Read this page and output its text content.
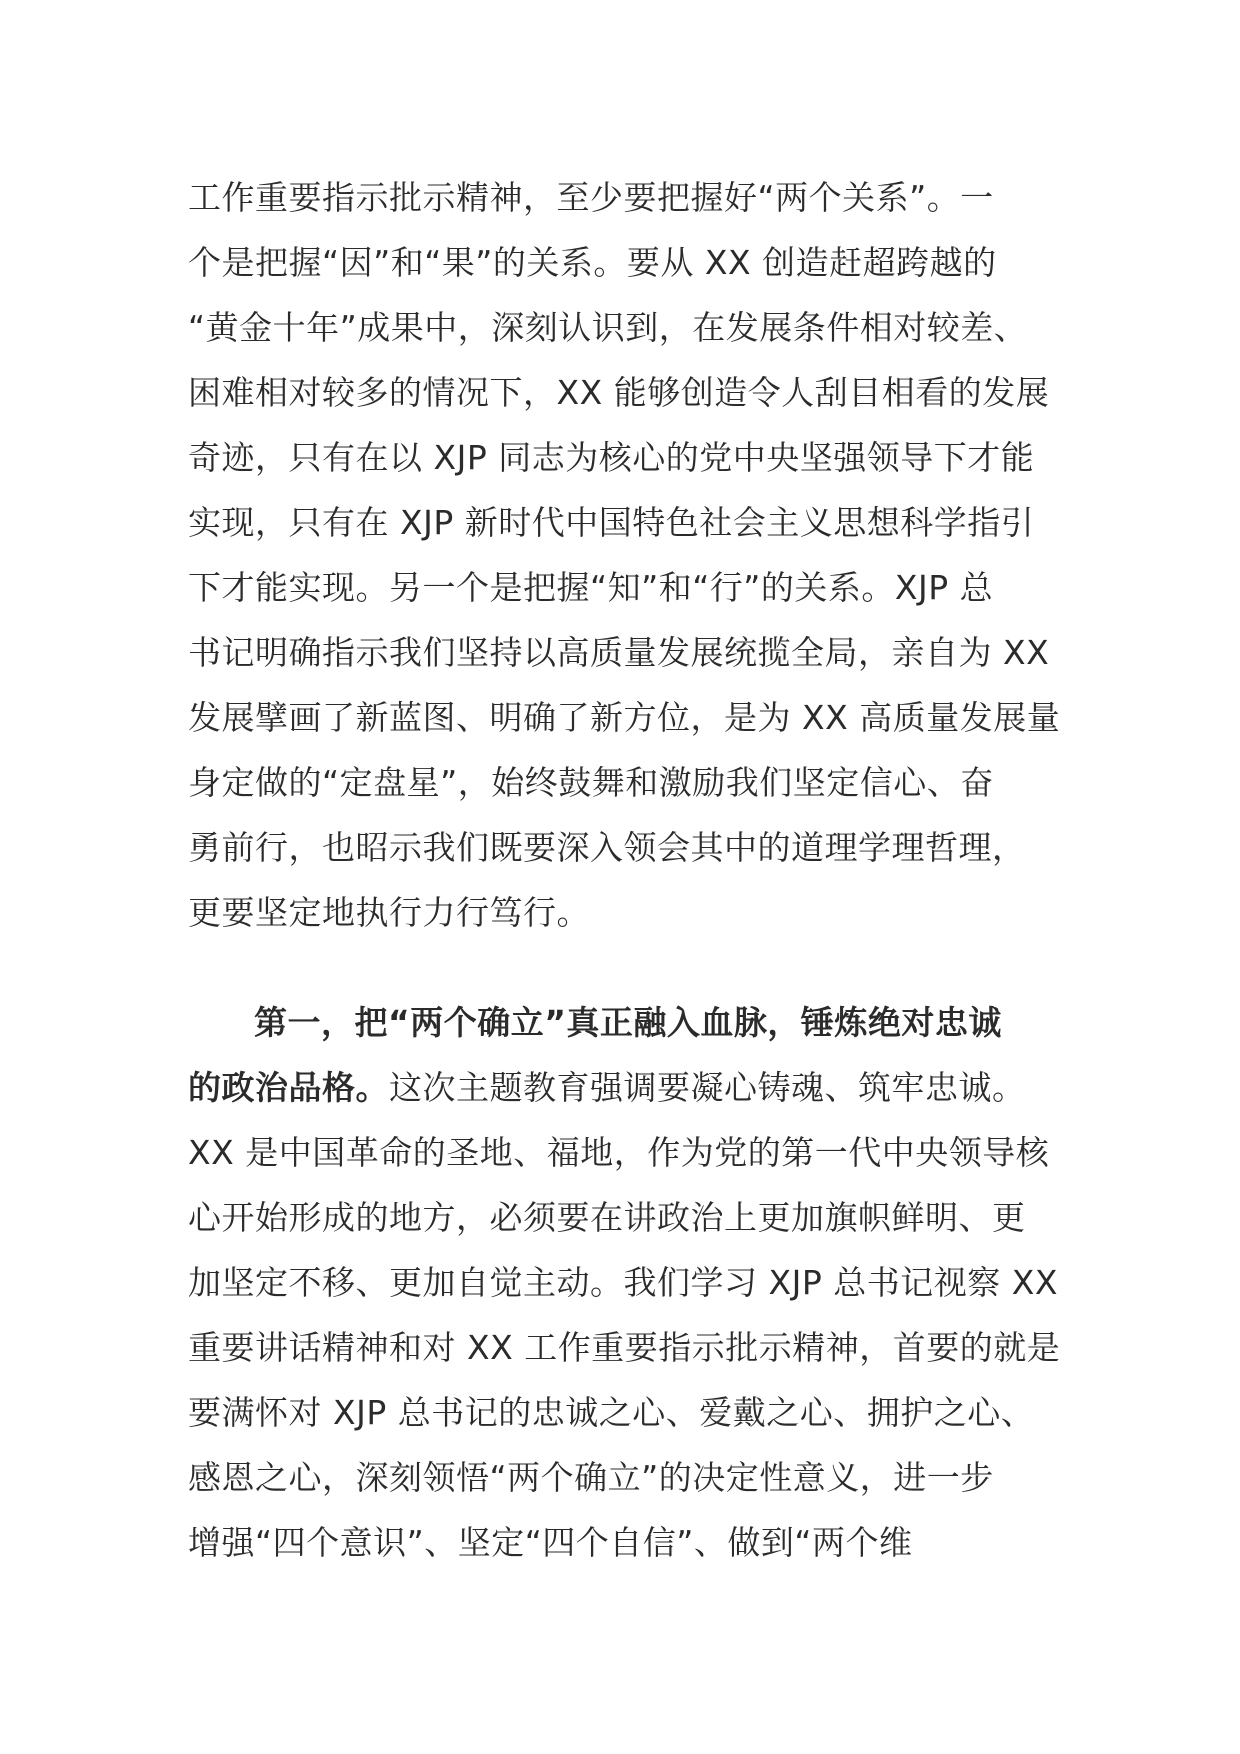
工作重要指示批示精神，至少要把握好“两个关系”。一
个是把握“因”和“果”的关系。要从 XX 创造赶超跨越的
“黄金十年”成果中，深刻认识到，在发展条件相对较差、
困难相对较多的情况下，XX 能够创造令人刮目相看的发展
奇迹，只有在以 XJP 同志为核心的党中央坚强领导下才能
实现，只有在 XJP 新时代中国特色社会主义思想科学指引
下才能实现。另一个是把握“知”和“行”的关系。XJP 总
书记明确指示我们坚持以高质量发展统揽全局，亲自为 XX
发展擘画了新蓝图、明确了新方位，是为 XX 高质量发展量
身定做的“定盘星”，始终鼓舞和激励我们坚定信心、奋
勇前行，也昭示我们既要深入领会其中的道理学理哲理，
更要坚定地执行力行笃行。
第一，把“两个确立”真正融入血脉，锤炼绝对忠诚
的政治品格。这次主题教育强调要凝心铸魂、筑牢忠诚。
XX 是中国革命的圣地、福地，作为党的第一代中央领导核
心开始形成的地方，必须要在讲政治上更加旗帜鲜明、更
加坚定不移、更加自觉主动。我们学习 XJP 总书记视察 XX
重要讲话精神和对 XX 工作重要指示批示精神，首要的就是
要满怀对 XJP 总书记的忠诚之心、爱戴之心、拥护之心、
感恩之心，深刻领悟“两个确立”的决定性意义，进一步
增强“四个意识”、坚定“四个自信”、做到“两个维
